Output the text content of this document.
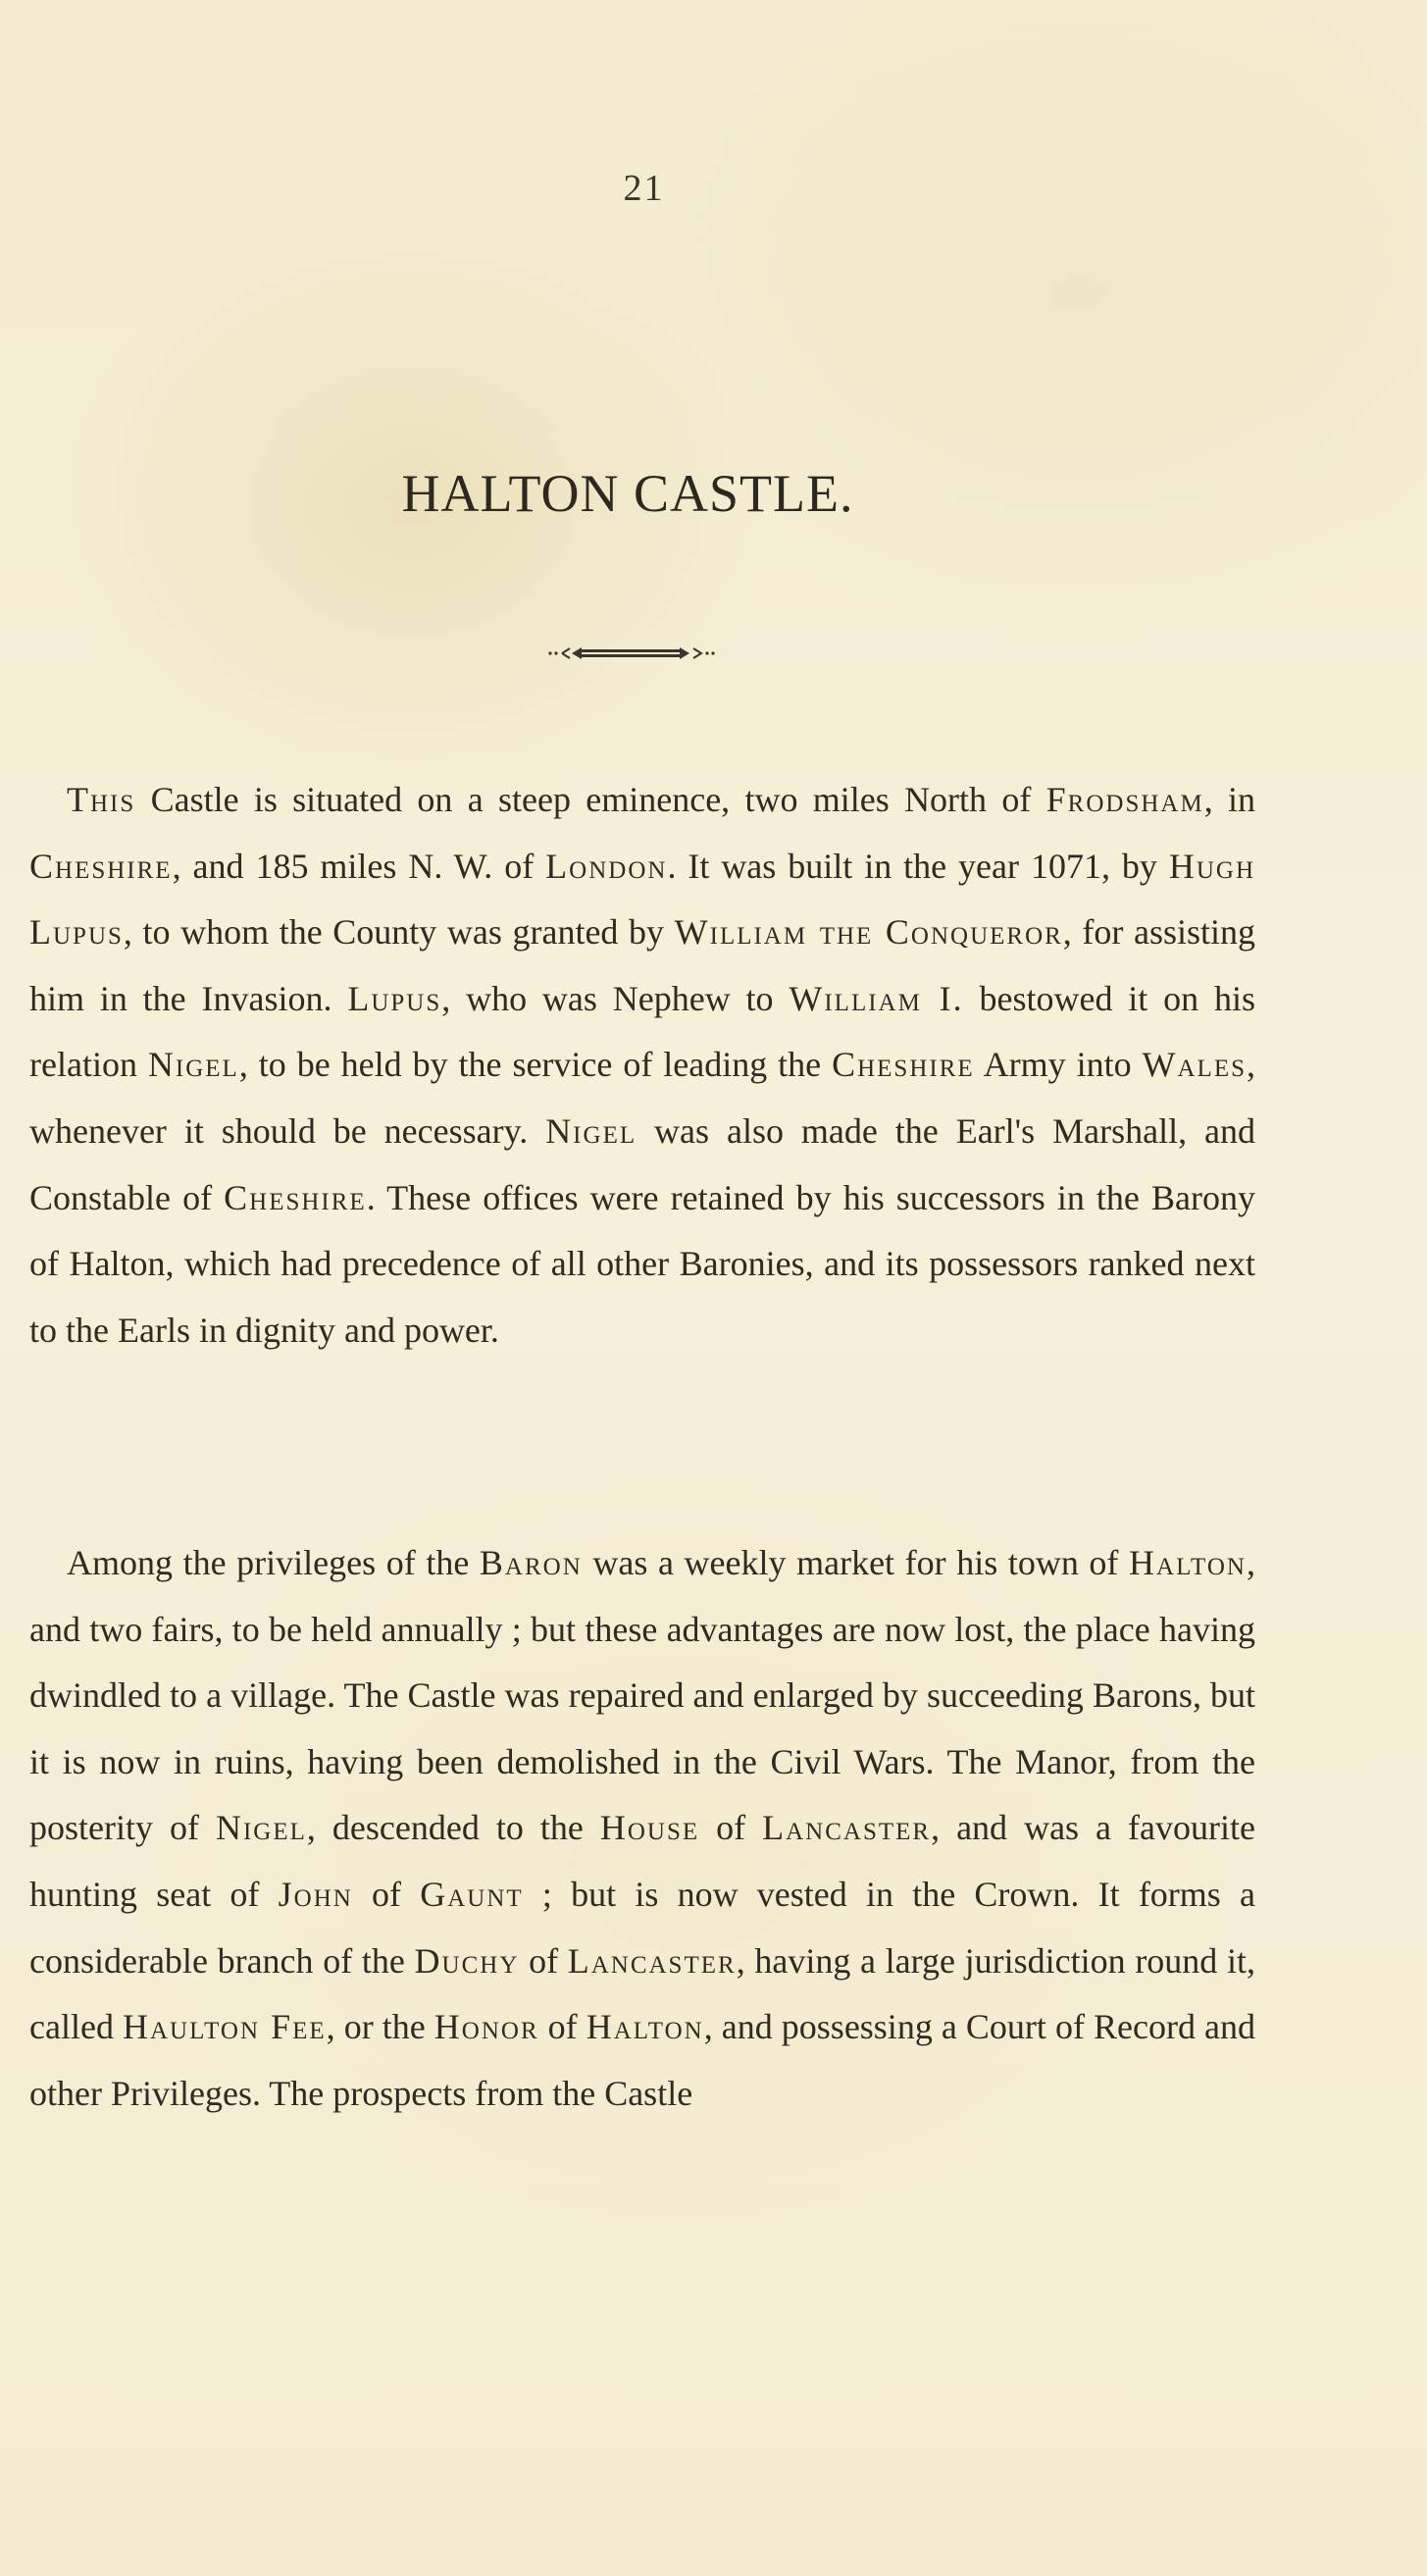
21
HALTON CASTLE.

This Castle is situated on a steep eminence, two miles North of Frodsham, in Cheshire, and 185 miles N. W. of London. It was built in the year 1071, by Hugh Lupus, to whom the County was granted by William the Conqueror, for assisting him in the Invasion. Lupus, who was Nephew to William I. bestowed it on his relation Nigel, to be held by the service of leading the Cheshire Army into Wales, whenever it should be necessary. Nigel was also made the Earl's Marshall, and Constable of Cheshire. These offices were retained by his successors in the Barony of Halton, which had precedence of all other Baronies, and its possessors ranked next to the Earls in dignity and power.

Among the privileges of the Baron was a weekly market for his town of Halton, and two fairs, to be held annually ; but these advantages are now lost, the place having dwindled to a village. The Castle was repaired and enlarged by succeeding Barons, but it is now in ruins, having been demolished in the Civil Wars. The Manor, from the posterity of Nigel, descended to the House of Lancaster, and was a favourite hunting seat of John of Gaunt ; but is now vested in the Crown. It forms a considerable branch of the Duchy of Lancaster, having a large jurisdiction round it, called Haulton Fee, or the Honor of Halton, and possessing a Court of Record and other Privileges. The prospects from the Castle
